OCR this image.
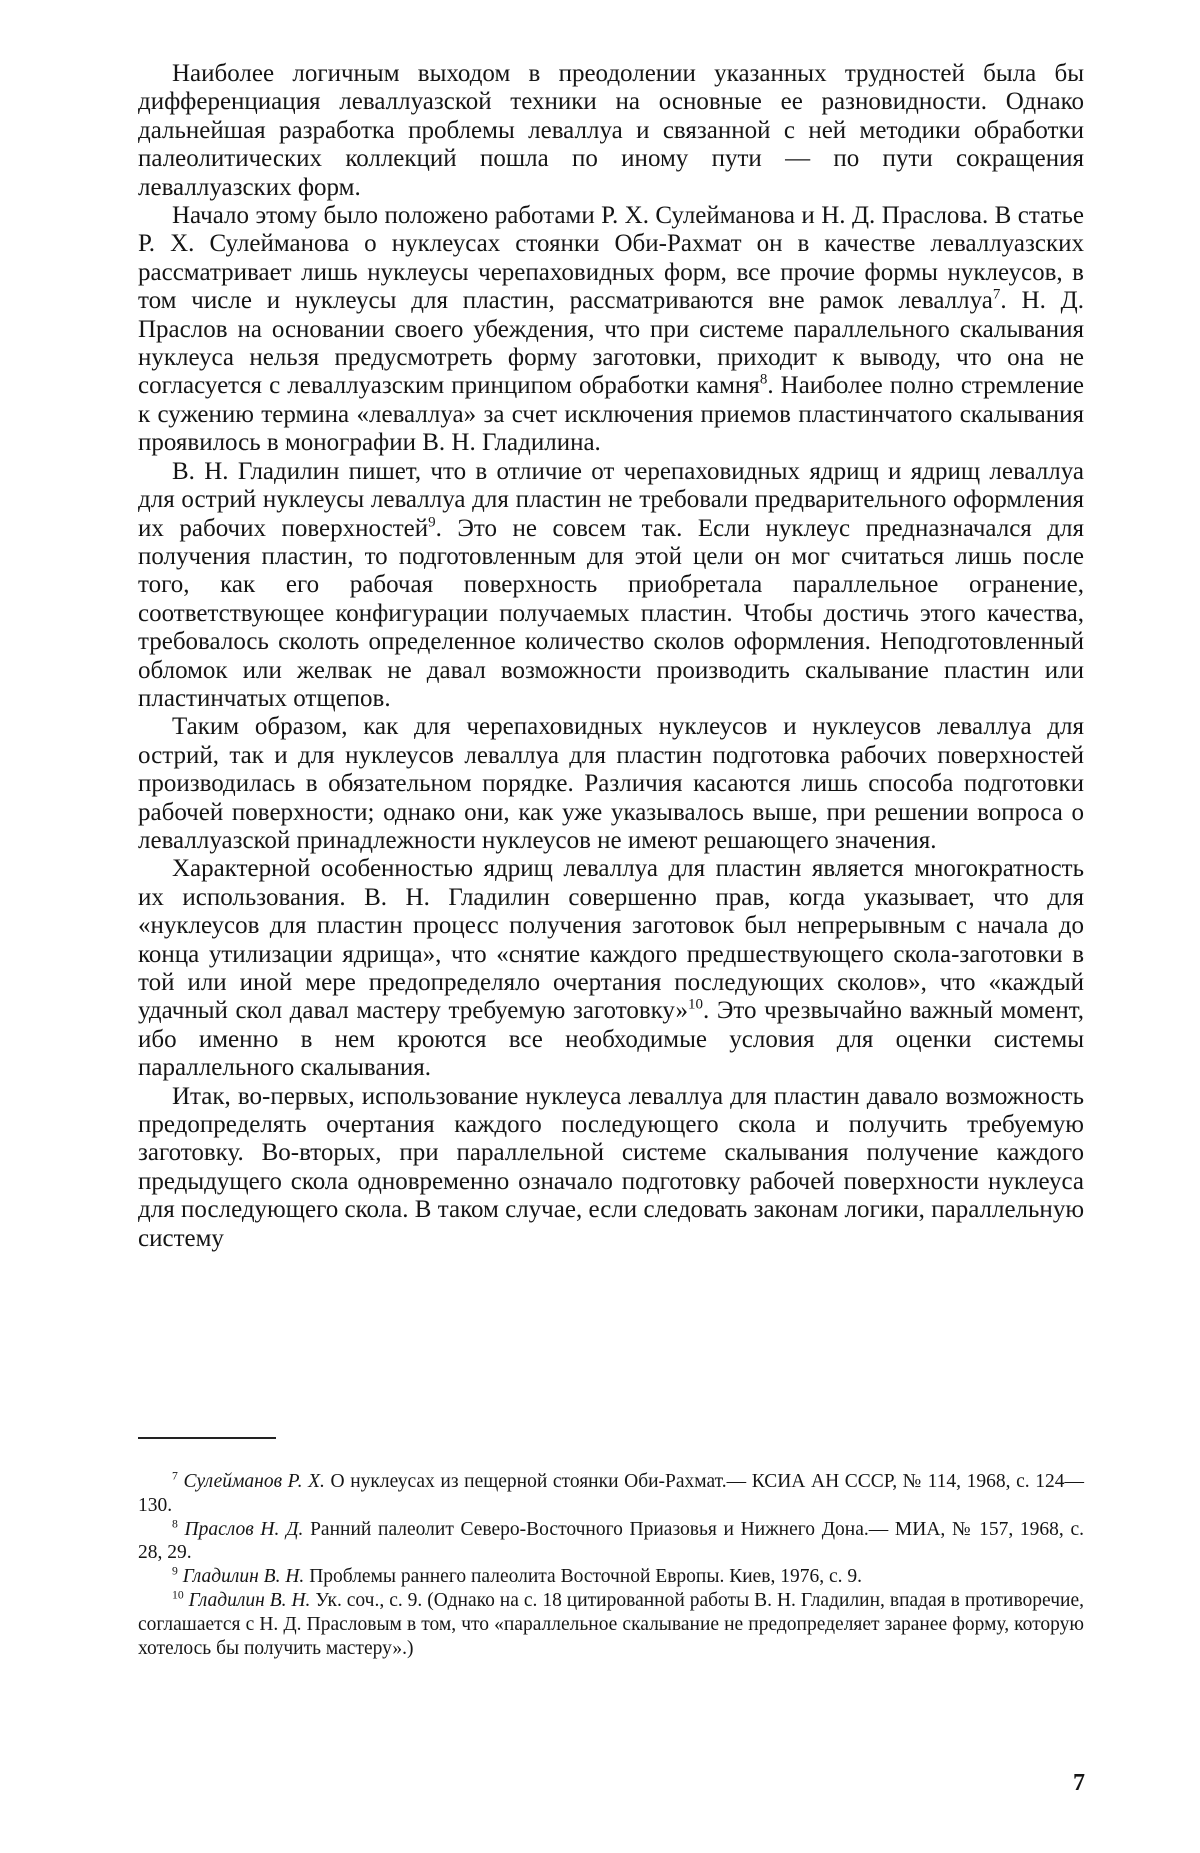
Наиболее логичным выходом в преодолении указанных трудностей была бы дифференциация леваллуазской техники на основные ее разновидности. Однако дальнейшая разработка проблемы леваллуа и связанной с ней методики обработки палеолитических коллекций пошла по иному пути — по пути сокращения леваллуазских форм.

Начало этому было положено работами Р. Х. Сулейманова и Н. Д. Праслова. В статье Р. Х. Сулейманова о нуклеусах стоянки Оби-Рахмат он в качестве леваллуазских рассматривает лишь нуклеусы черепаховидных форм, все прочие формы нуклеусов, в том числе и нуклеусы для пластин, рассматриваются вне рамок леваллуа$^7$. Н. Д. Праслов на основании своего убеждения, что при системе параллельного скалывания нуклеуса нельзя предусмотреть форму заготовки, приходит к выводу, что она не согласуется с леваллуазским принципом обработки камня$^8$. Наиболее полно стремление к сужению термина «леваллуа» за счет исключения приемов пластинчатого скалывания проявилось в монографии В. Н. Гладилина.

В. Н. Гладилин пишет, что в отличие от черепаховидных ядрищ и ядрищ леваллуа для острий нуклеусы леваллуа для пластин не требовали предварительного оформления их рабочих поверхностей$^9$. Это не совсем так. Если нуклеус предназначался для получения пластин, то подготовленным для этой цели он мог считаться лишь после того, как его рабочая поверхность приобретала параллельное огранение, соответствующее конфигурации получаемых пластин. Чтобы достичь этого качества, требовалось сколоть определенное количество сколов оформления. Неподготовленный обломок или желвак не давал возможности производить скалывание пластин или пластинчатых отщепов.

Таким образом, как для черепаховидных нуклеусов и нуклеусов леваллуа для острий, так и для нуклеусов леваллуа для пластин подготовка рабочих поверхностей производилась в обязательном порядке. Различия касаются лишь способа подготовки рабочей поверхности; однако они, как уже указывалось выше, при решении вопроса о леваллуазской принадлежности нуклеусов не имеют решающего значения.

Характерной особенностью ядрищ леваллуа для пластин является многократность их использования. В. Н. Гладилин совершенно прав, когда указывает, что для «нуклеусов для пластин процесс получения заготовок был непрерывным с начала до конца утилизации ядрища», что «снятие каждого предшествующего скола-заготовки в той или иной мере предопределяло очертания последующих сколов», что «каждый удачный скол давал мастеру требуемую заготовку»$^{10}$. Это чрезвычайно важный момент, ибо именно в нем кроются все необходимые условия для оценки системы параллельного скалывания.

Итак, во-первых, использование нуклеуса леваллуа для пластин давало возможность предопределять очертания каждого последующего скола и получить требуемую заготовку. Во-вторых, при параллельной системе скалывания получение каждого предыдущего скола одновременно означало подготовку рабочей поверхности нуклеуса для последующего скола. В таком случае, если следовать законам логики, параллельную систему

$^7$ Сулейманов Р. Х. О нуклеусах из пещерной стоянки Оби-Рахмат.— КСИА АН СССР, № 114, 1968, с. 124—130.

$^8$ Праслов Н. Д. Ранний палеолит Северо-Восточного Приазовья и Нижнего Дона.— МИА, № 157, 1968, с. 28, 29.

$^9$ Гладилин В. Н. Проблемы раннего палеолита Восточной Европы. Киев, 1976, с. 9.

$^{10}$ Гладилин В. Н. Ук. соч., с. 9. (Однако на с. 18 цитированной работы В. Н. Гладилин, впадая в противоречие, соглашается с Н. Д. Прасловым в том, что «параллельное скалывание не предопределяет заранее форму, которую хотелось бы получить мастеру».)

7
